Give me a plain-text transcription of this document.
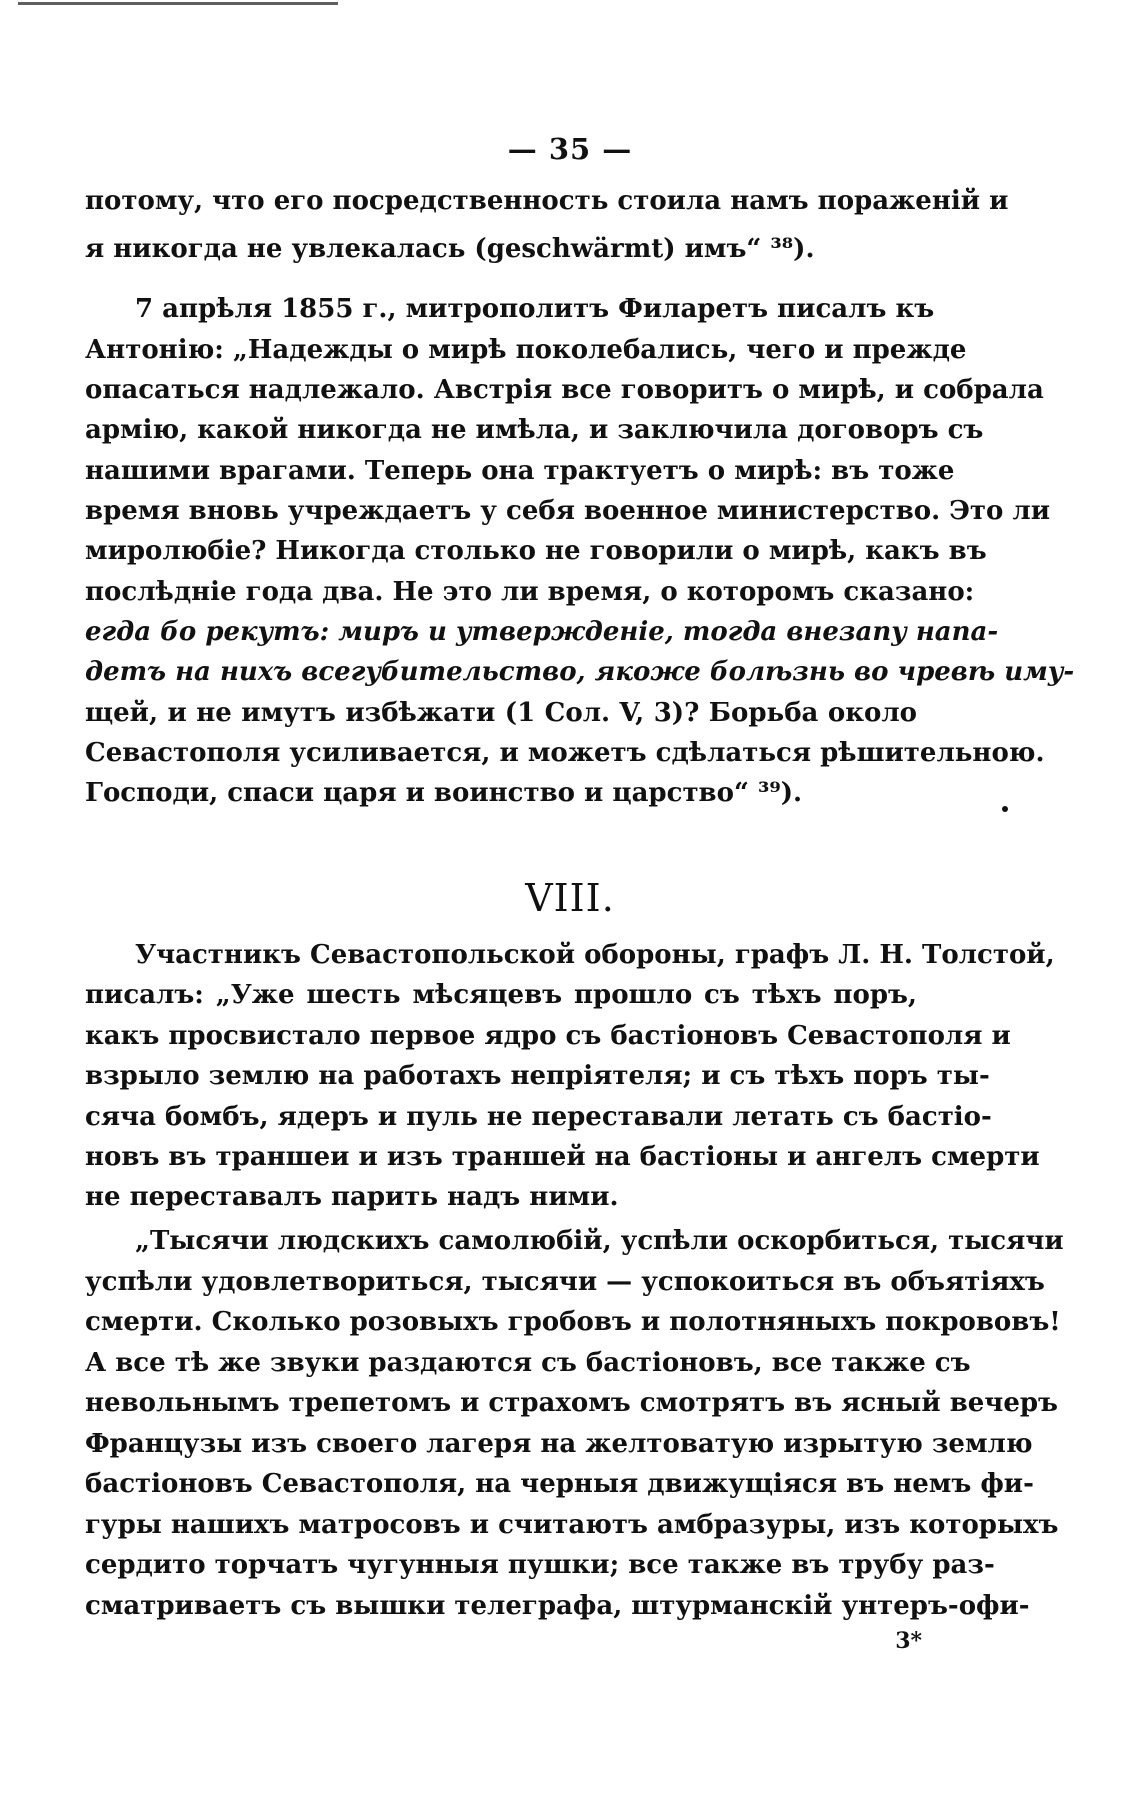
— 35 —
потому, что его посредственность стоила намъ пораженій и
я никогда не увлекалась (geschwärmt) имъ“ ³⁸).
7 апрѣля 1855 г., митрополитъ Филаретъ писалъ къ
Антонію: „Надежды о мирѣ поколебались, чего и прежде
опасаться надлежало. Австрія все говоритъ о мирѣ, и собрала
армію, какой никогда не имѣла, и заключила договоръ съ
нашими врагами. Теперь она трактуетъ о мирѣ: въ тоже
время вновь учреждаетъ у себя военное министерство. Это ли
миролюбіе? Никогда столько не говорили о мирѣ, какъ въ
послѣдніе года два. Не это ли время, о которомъ сказано:
егда бо рекутъ: миръ и утвержденіе, тогда внезапу напа-
детъ на нихъ всегубительство, якоже болѣзнь во чревѣ иму-
щей, и не имутъ избѣжати (1 Сол. V, 3)? Борьба около
Севастополя усиливается, и можетъ сдѣлаться рѣшительною.
Господи, спаси царя и воинство и царство“ ³⁹).
VIII.
Участникъ Севастопольской обороны, графъ Л. Н. Толстой,
писалъ: „Уже шесть мѣсяцевъ прошло съ тѣхъ поръ,
какъ просвистало первое ядро съ бастіоновъ Севастополя и
взрыло землю на работахъ непріятеля; и съ тѣхъ поръ ты-
сяча бомбъ, ядеръ и пуль не переставали летать съ бастіо-
новъ въ траншеи и изъ траншей на бастіоны и ангелъ смерти
не переставалъ парить надъ ними.
„Тысячи людскихъ самолюбій, успѣли оскорбиться, тысячи
успѣли удовлетвориться, тысячи — успокоиться въ объятіяхъ
смерти. Сколько розовыхъ гробовъ и полотняныхъ покрововъ!
А все тѣ же звуки раздаются съ бастіоновъ, все также съ
невольнымъ трепетомъ и страхомъ смотрятъ въ ясный вечеръ
Французы изъ своего лагеря на желтоватую изрытую землю
бастіоновъ Севастополя, на черныя движущіяся въ немъ фи-
гуры нашихъ матросовъ и считаютъ амбразуры, изъ которыхъ
сердито торчатъ чугунныя пушки; все также въ трубу раз-
сматриваетъ съ вышки телеграфа, штурманскій унтеръ-офи-
3*
